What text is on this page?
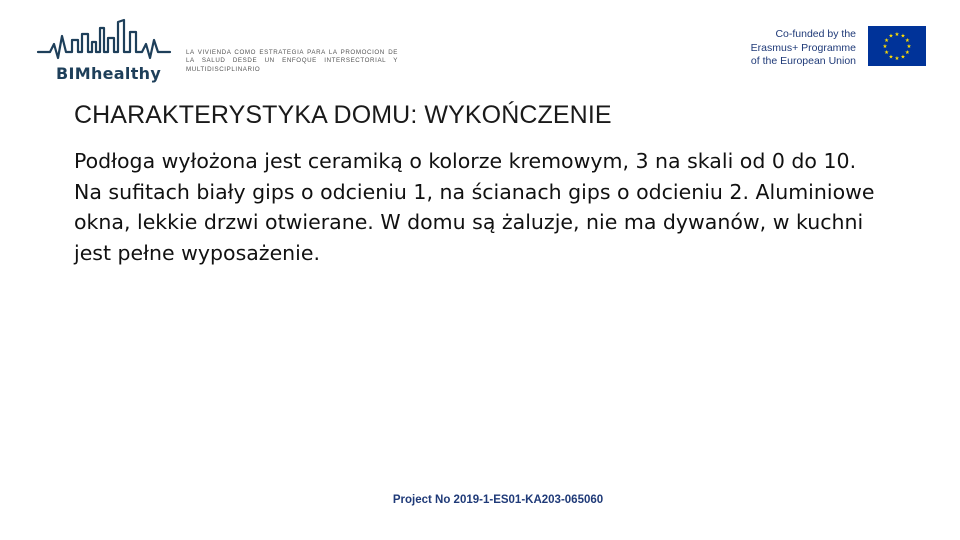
BIMhealthy
LA VIVIENDA COMO ESTRATEGIA PARA LA PROMOCION DE LA SALUD DESDE UN ENFOQUE INTERSECTORIAL Y MULTIDISCIPLINARIO
Co-funded by the
Erasmus+ Programme
of the European Union
★ ★
★
★
★
★
★
★
★
★
★
★
CHARAKTERYSTYKA DOMU: WYKOŃCZENIE
Podłoga wyłożona jest ceramiką o kolorze kremowym, 3 na skali od 0 do 10. Na sufitach biały gips o odcieniu 1, na ścianach gips o odcieniu 2. Aluminiowe okna, lekkie drzwi otwierane. W domu są żaluzje, nie ma dywanów, w kuchni jest pełne wyposażenie.
Project No 2019-1-ES01-KA203-065060
